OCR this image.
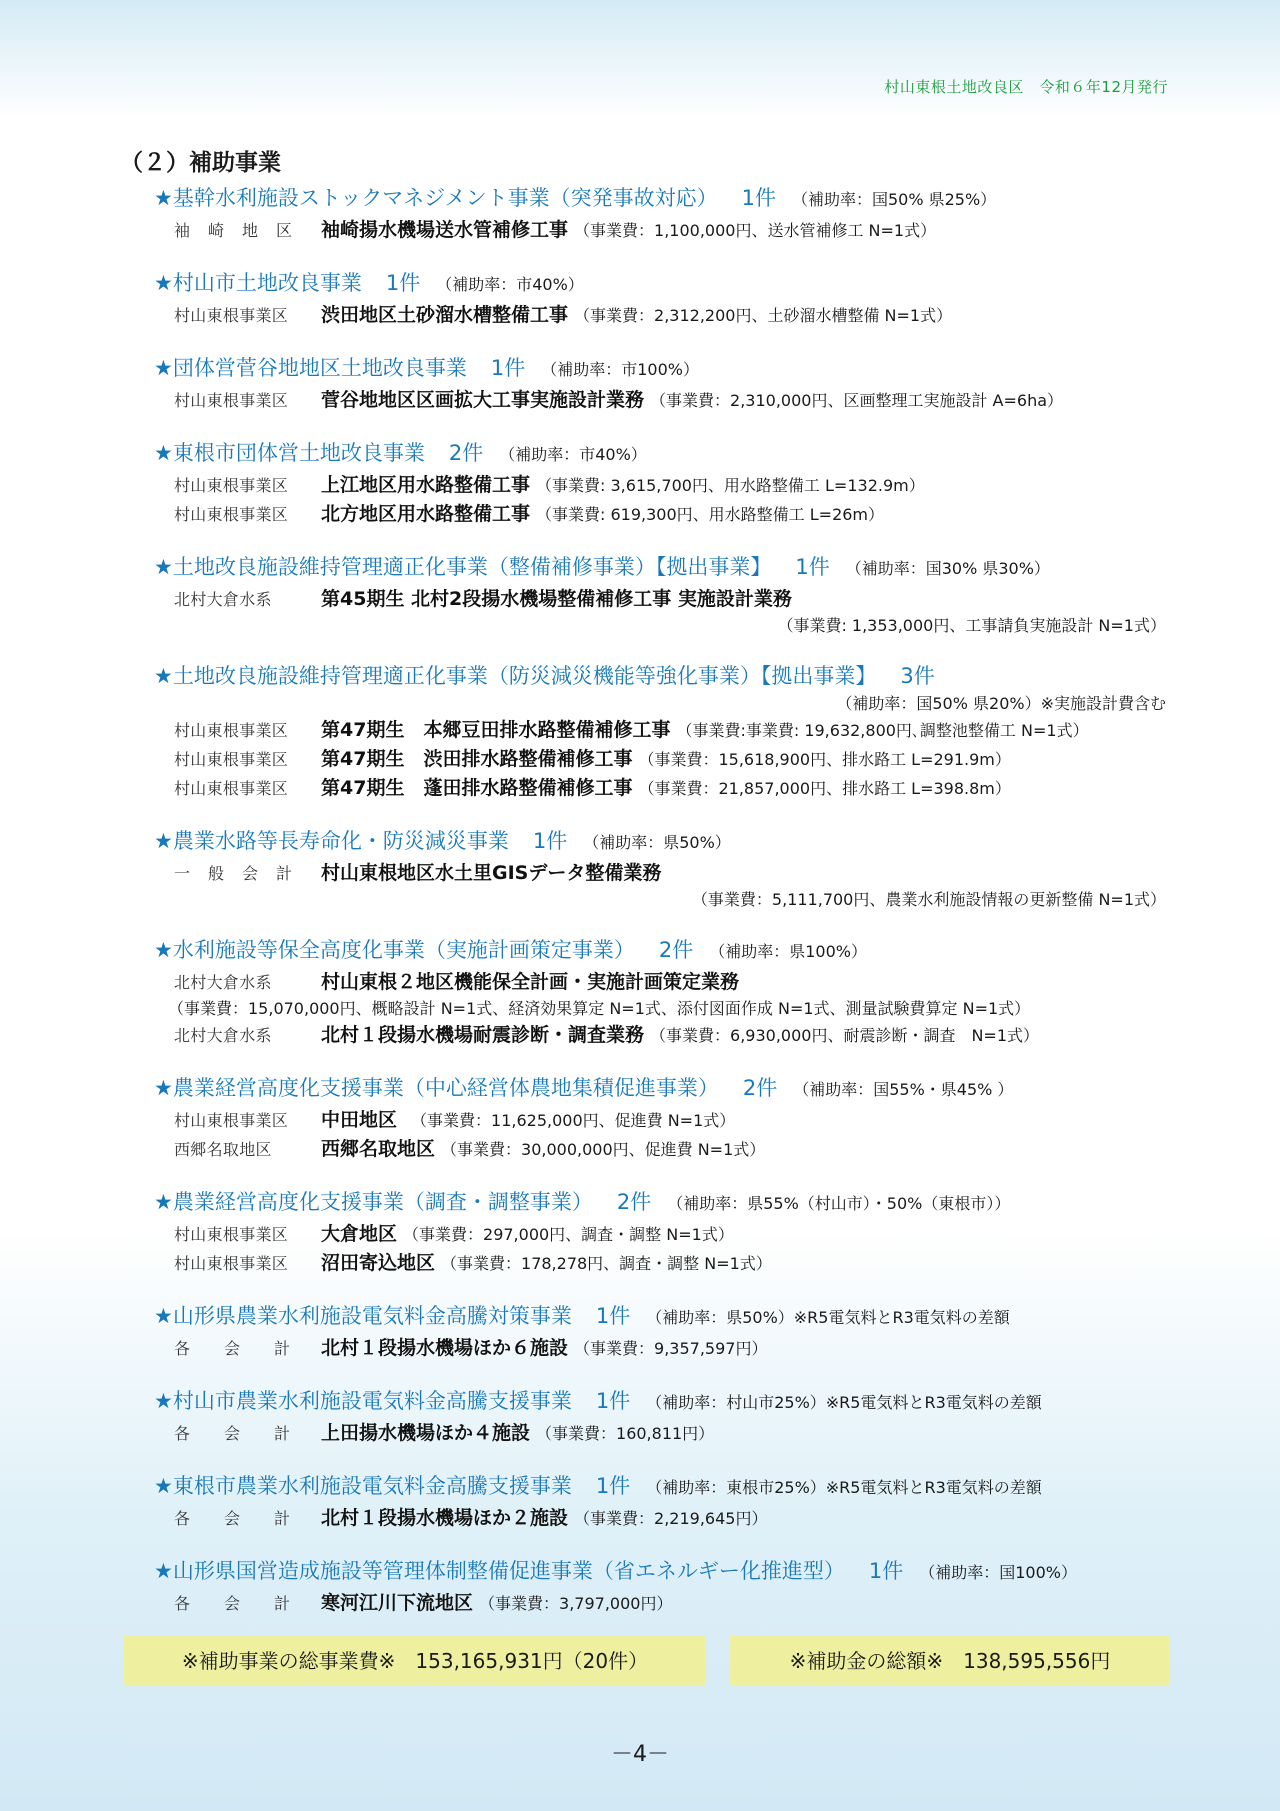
村山東根土地改良区　 令和６年12月発行
（２）補助事業
★基幹水利施設ストックマネジメント事業（突発事故対応） 1件 （補助率：国50% 県25%）
袖崎地区 袖崎揚水機場送水管補修工事 （事業費：1,100,000円、送水管補修工 N=1式）
★村山市土地改良事業 1件 （補助率：市40%）
村山東根事業区 渋田地区土砂溜水槽整備工事 （事業費：2,312,200円、土砂溜水槽整備 N=1式）
★団体営菅谷地地区土地改良事業 1件 （補助率：市100%）
村山東根事業区 菅谷地地区区画拡大工事実施設計業務 （事業費：2,310,000円、区画整理工実施設計 A=6ha）
★東根市団体営土地改良事業 2件 （補助率：市40%）
村山東根事業区 上江地区用水路整備工事 （事業費: 3,615,700円、用水路整備工 L=132.9m）
村山東根事業区 北方地区用水路整備工事 （事業費: 619,300円、用水路整備工 L=26m）
★土地改良施設維持管理適正化事業（整備補修事業）【拠出事業】 1件 （補助率：国30% 県30%）
北村大倉水系	第45期生 北村2段揚水機場整備補修工事 実施設計業務
（事業費: 1,353,000円、工事請負実施設計 N=1式）
★土地改良施設維持管理適正化事業（防災減災機能等強化事業）【拠出事業】 3件
（補助率：国50% 県20%）※実施設計費含む
村山東根事業区 第47期生　本郷豆田排水路整備補修工事 （事業費:事業費: 19,632,800円､調整池整備工 N=1式）
村山東根事業区 第47期生　渋田排水路整備補修工事 （事業費：15,618,900円、排水路工 L=291.9m）
村山東根事業区 第47期生　蓬田排水路整備補修工事 （事業費：21,857,000円、排水路工 L=398.8m）
★農業水路等長寿命化・防災減災事業 1件 （補助率：県50%）
一般会計 村山東根地区水土里GISデータ整備業務
（事業費：5,111,700円、農業水利施設情報の更新整備 N=1式）
★水利施設等保全高度化事業（実施計画策定事業） 2件 （補助率：県100%）
北村大倉水系	村山東根２地区機能保全計画・実施計画策定業務
（事業費：15,070,000円、概略設計 N=1式、経済効果算定 N=1式、添付図面作成 N=1式、測量試験費算定 N=1式）
北村大倉水系	北村１段揚水機場耐震診断・調査業務 （事業費：6,930,000円、耐震診断・調査　N=1式）
★農業経営高度化支援事業（中心経営体農地集積促進事業） 2件 （補助率：国55%・県45% ）
村山東根事業区 中田地区　（事業費：11,625,000円、促進費 N=1式）
西郷名取地区	西郷名取地区 （事業費：30,000,000円、促進費 N=1式）
★農業経営高度化支援事業（調査・調整事業） 2件 （補助率：県55%（村山市）・50%（東根市））
村山東根事業区 大倉地区 （事業費：297,000円、調査・調整 N=1式）
村山東根事業区 沼田寄込地区 （事業費：178,278円、調査・調整 N=1式）
★山形県農業水利施設電気料金高騰対策事業 1件 （補助率：県50%）※R5電気料とR3電気料の差額
各会計北村１段揚水機場ほか６施設 （事業費：9,357,597円）
★村山市農業水利施設電気料金高騰支援事業 1件 （補助率：村山市25%）※R5電気料とR3電気料の差額
各会計上田揚水機場ほか４施設 （事業費：160,811円）
★東根市農業水利施設電気料金高騰支援事業 1件 （補助率：東根市25%）※R5電気料とR3電気料の差額
各会計北村１段揚水機場ほか２施設 （事業費：2,219,645円）
★山形県国営造成施設等管理体制整備促進事業（省エネルギー化推進型） 1件 （補助率：国100%）
各会計寒河江川下流地区 （事業費：3,797,000円）
※補助事業の総事業費※　153,165,931円（20件）	※補助金の総額※　138,595,556円
－4－
